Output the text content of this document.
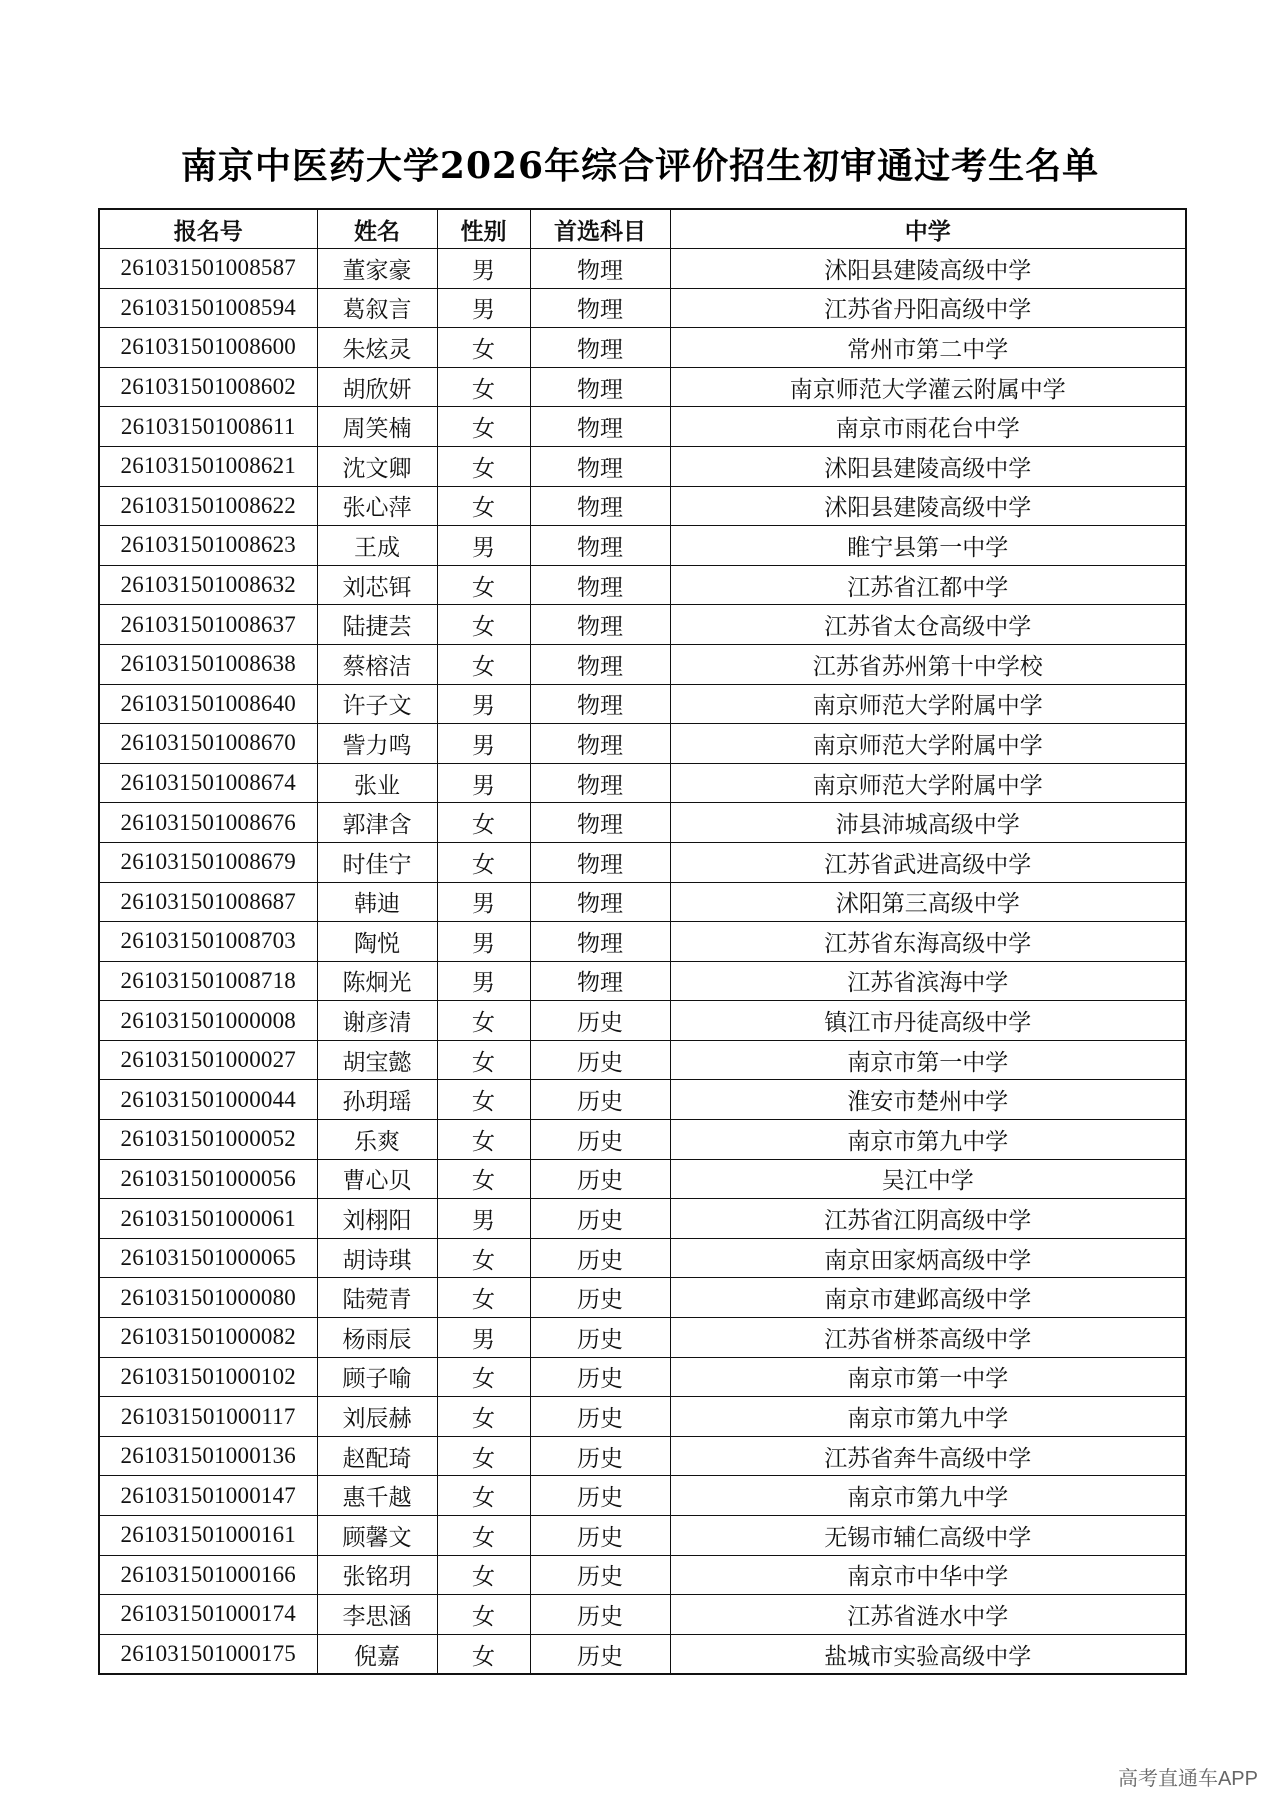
南京中医药大学2026年综合评价招生初审通过考生名单
报名号	姓名	性别	首选科目	中学
261031501008587	董家豪	男	物理	沭阳县建陵高级中学
261031501008594	葛叙言	男	物理	江苏省丹阳高级中学
261031501008600	朱炫灵	女	物理	常州市第二中学
261031501008602	胡欣妍	女	物理	南京师范大学灌云附属中学
261031501008611	周笑楠	女	物理	南京市雨花台中学
261031501008621	沈文卿	女	物理	沭阳县建陵高级中学
261031501008622	张心萍	女	物理	沭阳县建陵高级中学
261031501008623	王成	男	物理	睢宁县第一中学
261031501008632	刘芯铒	女	物理	江苏省江都中学
261031501008637	陆捷芸	女	物理	江苏省太仓高级中学
261031501008638	蔡榕洁	女	物理	江苏省苏州第十中学校
261031501008640	许子文	男	物理	南京师范大学附属中学
261031501008670	訾力鸣	男	物理	南京师范大学附属中学
261031501008674	张业	男	物理	南京师范大学附属中学
261031501008676	郭津含	女	物理	沛县沛城高级中学
261031501008679	时佳宁	女	物理	江苏省武进高级中学
261031501008687	韩迪	男	物理	沭阳第三高级中学
261031501008703	陶悦	男	物理	江苏省东海高级中学
261031501008718	陈炯光	男	物理	江苏省滨海中学
261031501000008	谢彦清	女	历史	镇江市丹徒高级中学
261031501000027	胡宝懿	女	历史	南京市第一中学
261031501000044	孙玥瑶	女	历史	淮安市楚州中学
261031501000052	乐爽	女	历史	南京市第九中学
261031501000056	曹心贝	女	历史	吴江中学
261031501000061	刘栩阳	男	历史	江苏省江阴高级中学
261031501000065	胡诗琪	女	历史	南京田家炳高级中学
261031501000080	陆菀青	女	历史	南京市建邺高级中学
261031501000082	杨雨辰	男	历史	江苏省栟茶高级中学
261031501000102	顾子喻	女	历史	南京市第一中学
261031501000117	刘辰赫	女	历史	南京市第九中学
261031501000136	赵配琦	女	历史	江苏省奔牛高级中学
261031501000147	惠千越	女	历史	南京市第九中学
261031501000161	顾馨文	女	历史	无锡市辅仁高级中学
261031501000166	张铭玥	女	历史	南京市中华中学
261031501000174	李思涵	女	历史	江苏省涟水中学
261031501000175	倪嘉	女	历史	盐城市实验高级中学
高考直通车APP
